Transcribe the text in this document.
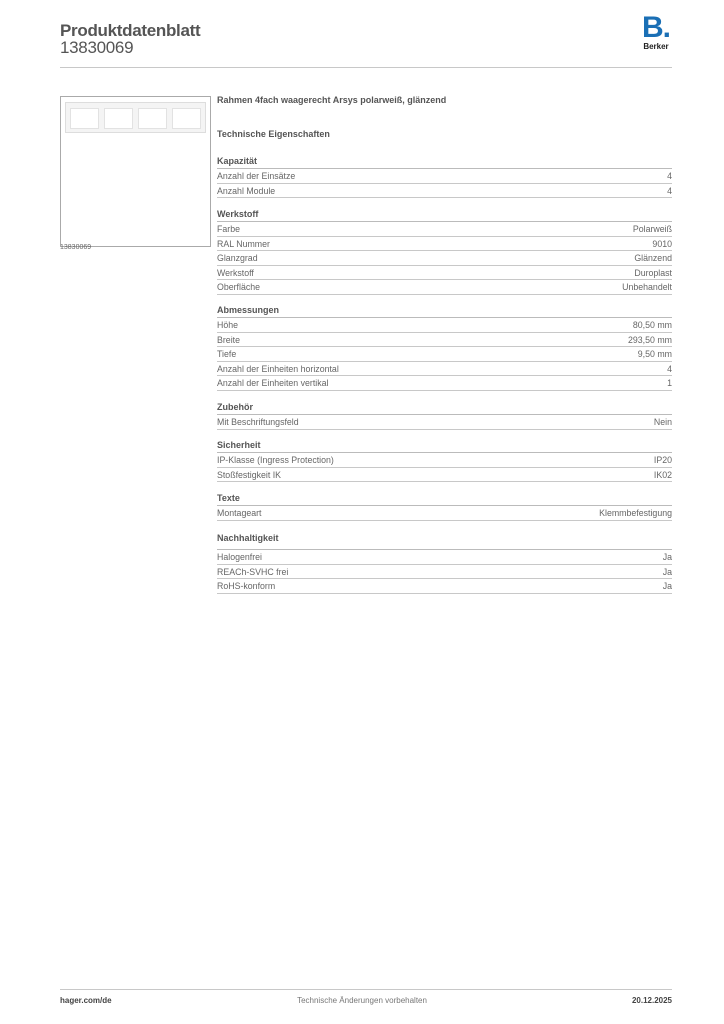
Produktdatenblatt
13830069
B.
Berker
13830069
Rahmen 4fach waagerecht Arsys polarweiß, glänzend
Technische Eigenschaften
Kapazität
Anzahl der Einsätze	4
Anzahl Module	4
Werkstoff
Farbe	Polarweiß
RAL Nummer	9010
Glanzgrad	Glänzend
Werkstoff	Duroplast
Oberfläche	Unbehandelt
Abmessungen
Höhe	80,50 mm
Breite	293,50 mm
Tiefe	9,50 mm
Anzahl der Einheiten horizontal	4
Anzahl der Einheiten vertikal	1
Zubehör
Mit Beschriftungsfeld	Nein
Sicherheit
IP-Klasse (Ingress Protection)	IP20
Stoßfestigkeit IK	IK02
Texte
Montageart	Klemmbefestigung
Nachhaltigkeit
Halogenfrei	Ja
REACh-SVHC frei	Ja
RoHS-konform	Ja
hager.com/de	Technische Änderungen vorbehalten	20.12.2025
